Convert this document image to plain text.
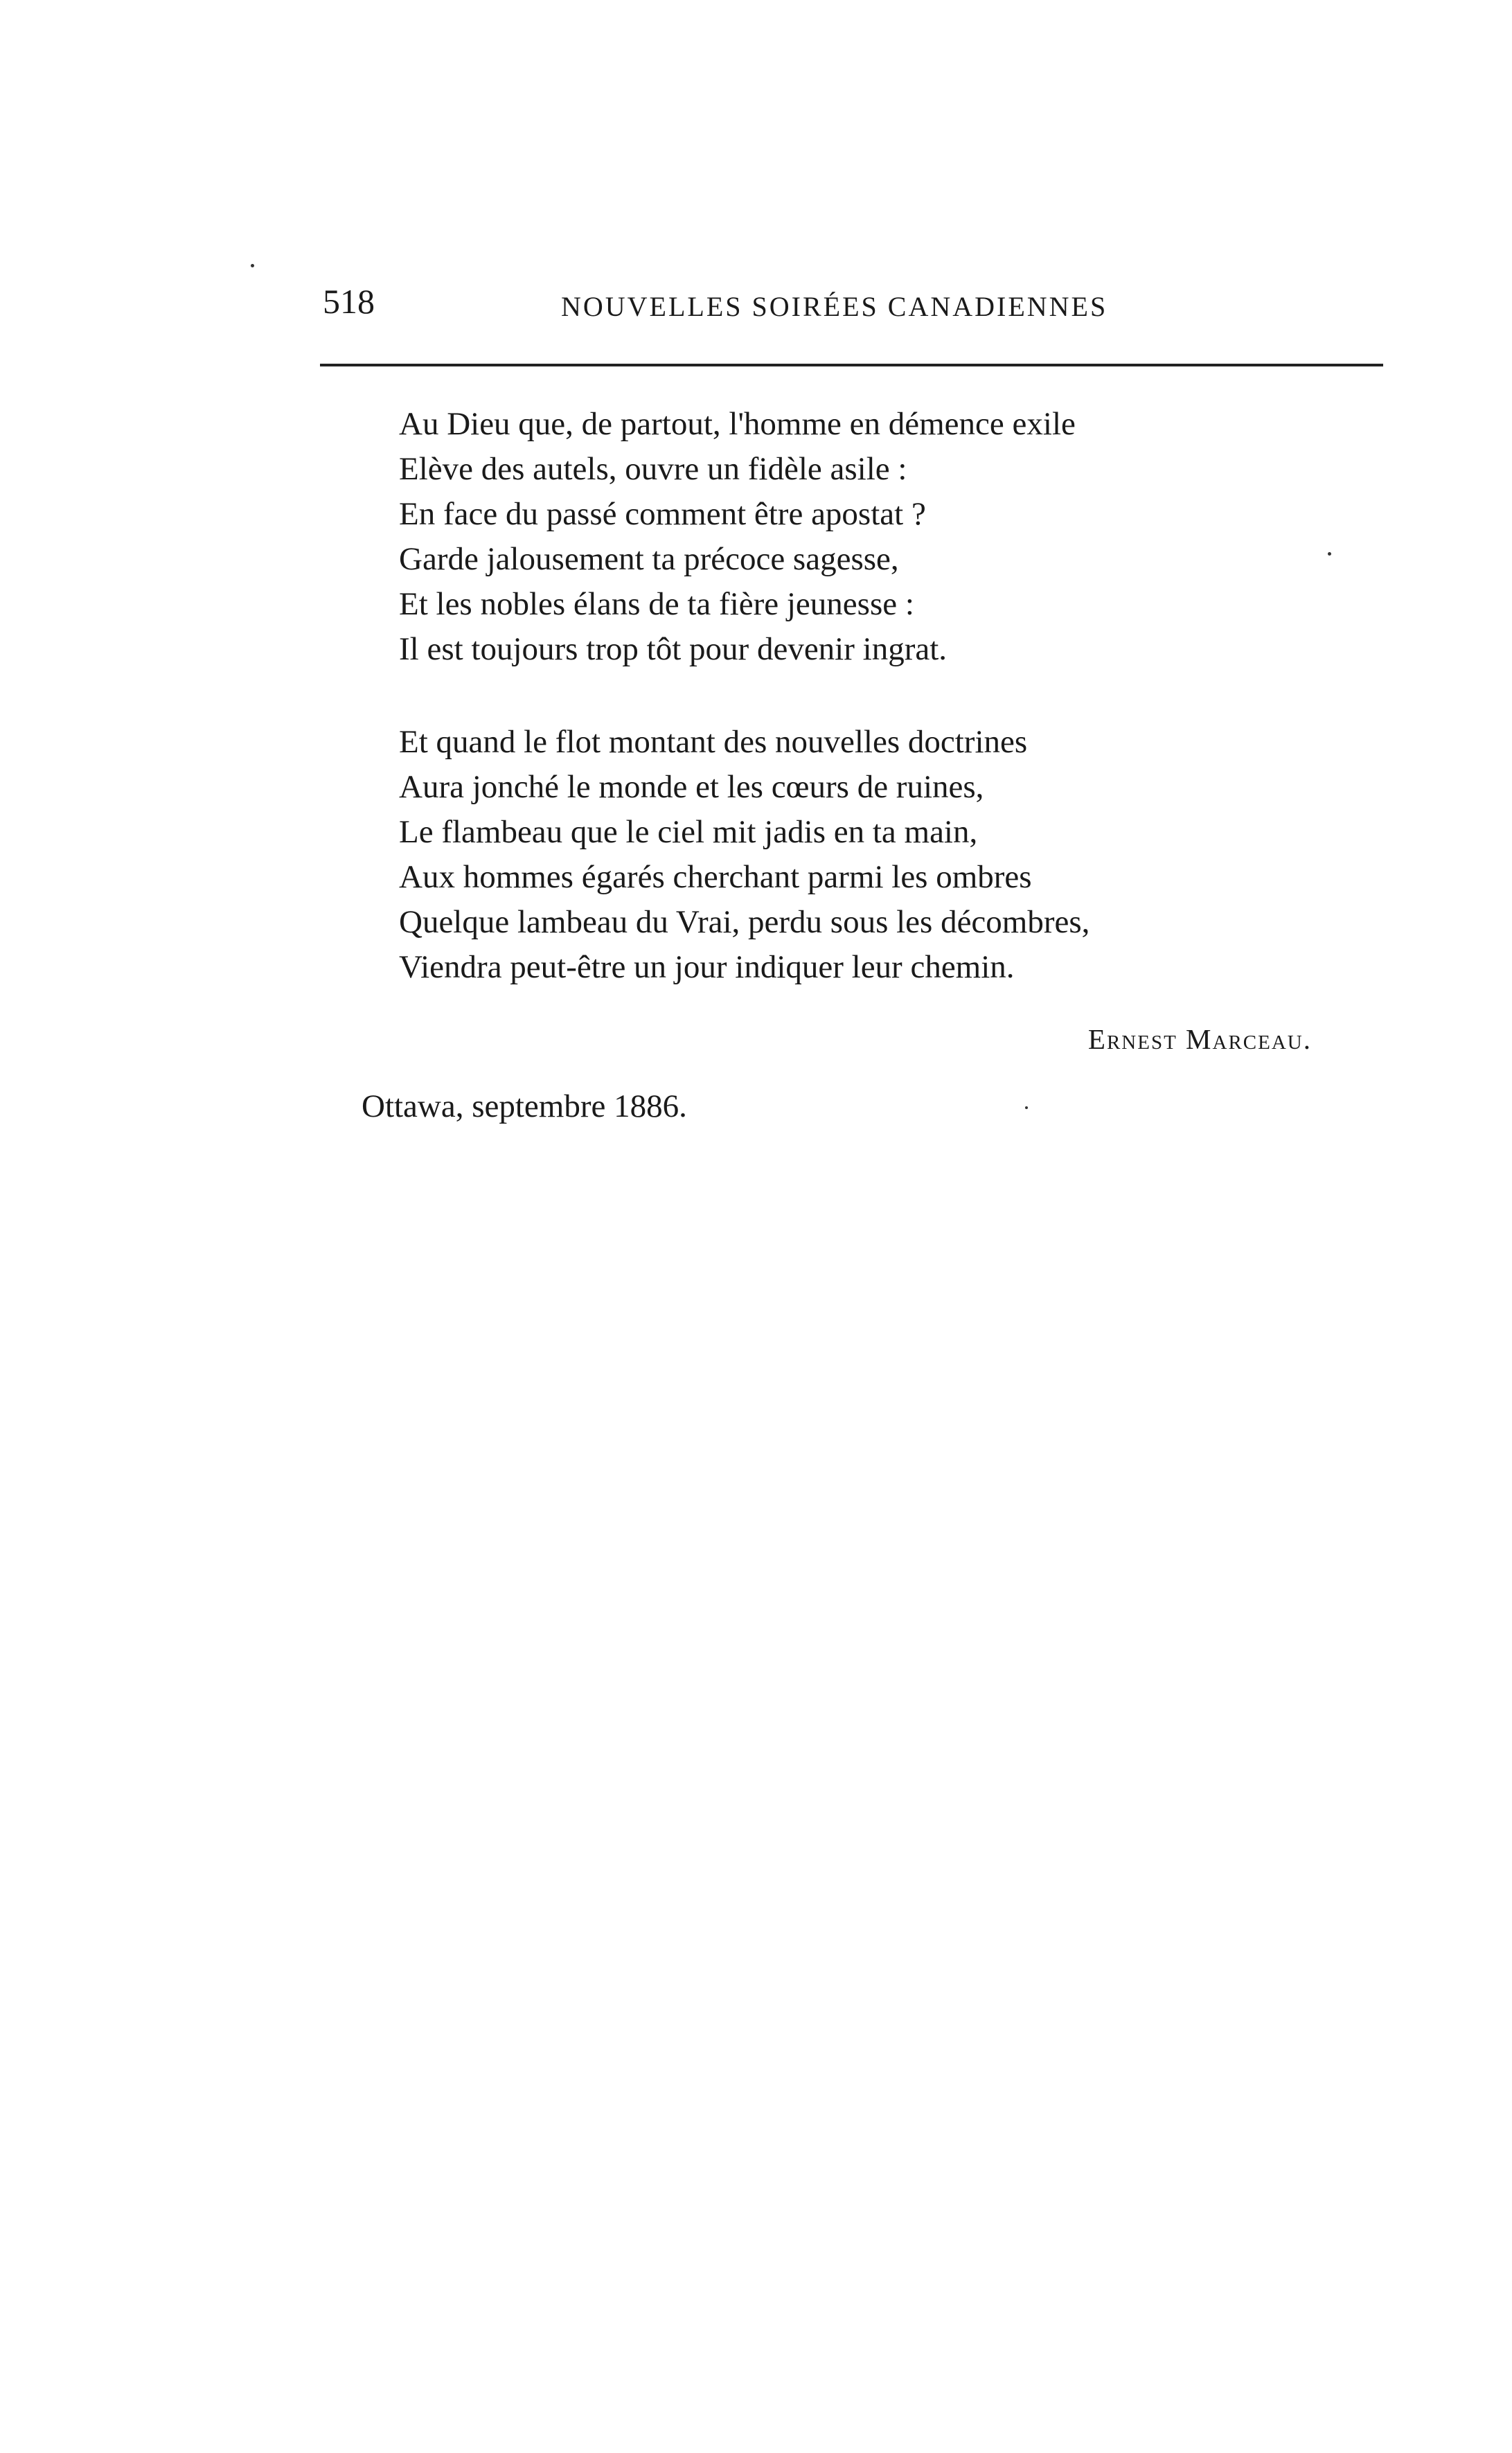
518	NOUVELLES SOIRÉES CANADIENNES
Au Dieu que, de partout, l'homme en démence exile
Elève des autels, ouvre un fidèle asile :
En face du passé comment être apostat ?
Garde jalousement ta précoce sagesse,
Et les nobles élans de ta fière jeunesse :
Il est toujours trop tôt pour devenir ingrat.
Et quand le flot montant des nouvelles doctrines
Aura jonché le monde et les cœurs de ruines,
Le flambeau que le ciel mit jadis en ta main,
Aux hommes égarés cherchant parmi les ombres
Quelque lambeau du Vrai, perdu sous les décombres,
Viendra peut-être un jour indiquer leur chemin.
Ernest Marceau.
Ottawa, septembre 1886.
